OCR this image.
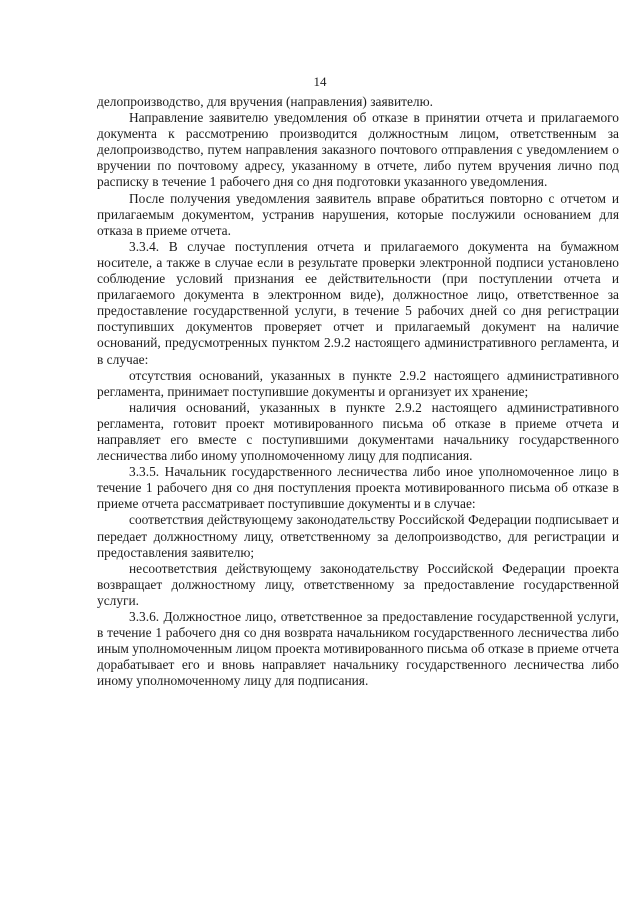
14

делопроизводство, для вручения (направления) заявителю.

Направление заявителю уведомления об отказе в принятии отчета и прилагаемого документа к рассмотрению производится должностным лицом, ответственным за делопроизводство, путем направления заказного почтового отправления с уведомлением о вручении по почтовому адресу, указанному в отчете, либо путем вручения лично под расписку в течение 1 рабочего дня со дня подготовки указанного уведомления.

После получения уведомления заявитель вправе обратиться повторно с отчетом и прилагаемым документом, устранив нарушения, которые послужили основанием для отказа в приеме отчета.

3.3.4. В случае поступления отчета и прилагаемого документа на бумажном носителе, а также в случае если в результате проверки электронной подписи установлено соблюдение условий признания ее действительности (при поступлении отчета и прилагаемого документа в электронном виде), должностное лицо, ответственное за предоставление государственной услуги, в течение 5 рабочих дней со дня регистрации поступивших документов проверяет отчет и прилагаемый документ на наличие оснований, предусмотренных пунктом 2.9.2 настоящего административного регламента, и в случае:

отсутствия оснований, указанных в пункте 2.9.2 настоящего административного регламента, принимает поступившие документы и организует их хранение;

наличия оснований, указанных в пункте 2.9.2 настоящего административного регламента, готовит проект мотивированного письма об отказе в приеме отчета и направляет его вместе с поступившими документами начальнику государственного лесничества либо иному уполномоченному лицу для подписания.

3.3.5. Начальник государственного лесничества либо иное уполномоченное лицо в течение 1 рабочего дня со дня поступления проекта мотивированного письма об отказе в приеме отчета рассматривает поступившие документы и в случае:

соответствия действующему законодательству Российской Федерации подписывает и передает должностному лицу, ответственному за делопроизводство, для регистрации и предоставления заявителю;

несоответствия действующему законодательству Российской Федерации проекта возвращает должностному лицу, ответственному за предоставление государственной услуги.

3.3.6. Должностное лицо, ответственное за предоставление государственной услуги, в течение 1 рабочего дня со дня возврата начальником государственного лесничества либо иным уполномоченным лицом проекта мотивированного письма об отказе в приеме отчета дорабатывает его и вновь направляет начальнику государственного лесничества либо иному уполномоченному лицу для подписания.
